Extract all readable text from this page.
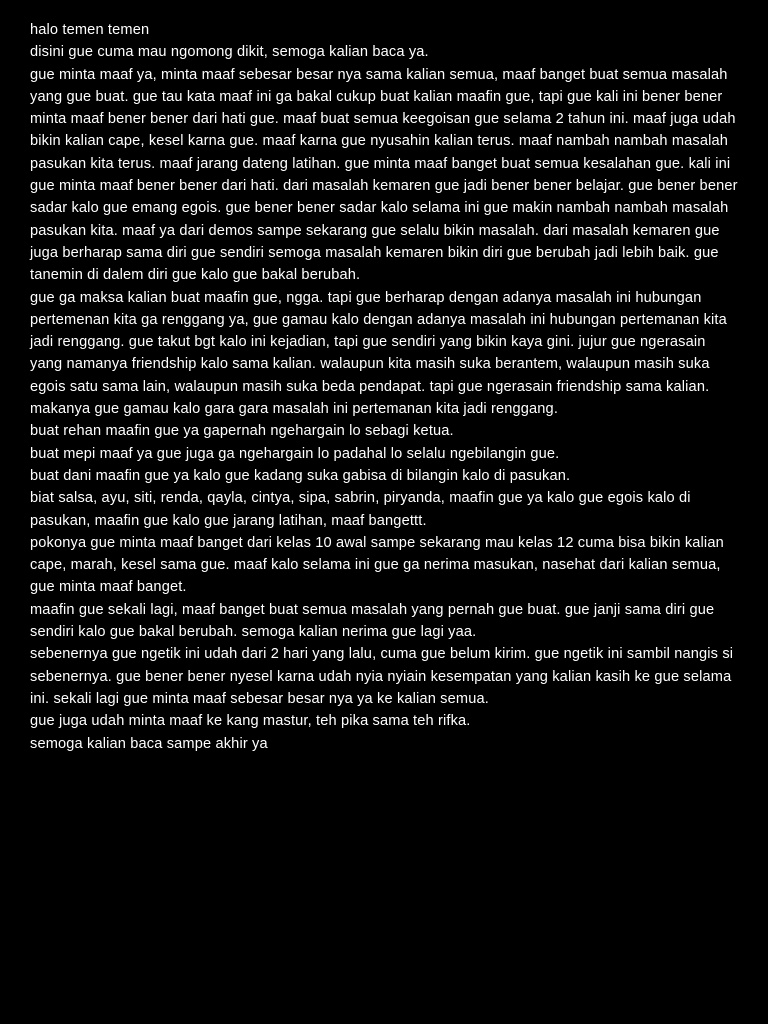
halo temen temen

disini gue cuma mau ngomong dikit, semoga kalian baca ya.

gue minta maaf ya, minta maaf sebesar besar nya sama kalian semua, maaf banget buat semua masalah yang gue buat. gue tau kata maaf ini ga bakal cukup buat kalian maafin gue, tapi gue kali ini bener bener minta maaf bener bener dari hati gue. maaf buat semua keegoisan gue selama 2 tahun ini. maaf juga udah bikin kalian cape, kesel karna gue. maaf karna gue nyusahin kalian terus. maaf nambah nambah masalah pasukan kita terus. maaf jarang dateng latihan. gue minta maaf banget buat semua kesalahan gue. kali ini gue minta maaf bener bener dari hati. dari masalah kemaren gue jadi bener bener belajar. gue bener bener sadar kalo gue emang egois. gue bener bener sadar kalo selama ini gue makin nambah nambah masalah pasukan kita. maaf ya dari demos sampe sekarang gue selalu bikin masalah. dari masalah kemaren gue juga berharap sama diri gue sendiri semoga masalah kemaren bikin diri gue berubah jadi lebih baik. gue tanemin di dalem diri gue kalo gue bakal berubah.

gue ga maksa kalian buat maafin gue, ngga. tapi gue berharap dengan adanya masalah ini hubungan pertemenan kita ga renggang ya, gue gamau kalo dengan adanya masalah ini hubungan pertemanan kita jadi renggang. gue takut bgt kalo ini kejadian, tapi gue sendiri yang bikin kaya gini. jujur gue ngerasain yang namanya friendship kalo sama kalian. walaupun kita masih suka berantem, walaupun masih suka egois satu sama lain, walaupun masih suka beda pendapat. tapi gue ngerasain friendship sama kalian.

makanya gue gamau kalo gara gara masalah ini pertemanan kita jadi renggang.

buat rehan maafin gue ya gapernah ngehargain lo sebagi ketua.

buat mepi maaf ya gue juga ga ngehargain lo padahal lo selalu ngebilangin gue.

buat dani maafin gue ya kalo gue kadang suka gabisa di bilangin kalo di pasukan.

biat salsa, ayu, siti, renda, qayla, cintya, sipa, sabrin, piryanda, maafin gue ya kalo gue egois kalo di pasukan, maafin gue kalo gue jarang latihan, maaf bangettt.

pokonya gue minta maaf banget dari kelas 10 awal sampe sekarang mau kelas 12 cuma bisa bikin kalian cape, marah, kesel sama gue. maaf kalo selama ini gue ga nerima masukan, nasehat dari kalian semua, gue minta maaf banget.

maafin gue sekali lagi, maaf banget buat semua masalah yang pernah gue buat. gue janji sama diri gue sendiri kalo gue bakal berubah. semoga kalian nerima gue lagi yaa.

sebenernya gue ngetik ini udah dari 2 hari yang lalu, cuma gue belum kirim. gue ngetik ini sambil nangis si sebenernya. gue bener bener nyesel karna udah nyia nyiain kesempatan yang kalian kasih ke gue selama ini. sekali lagi gue minta maaf sebesar besar nya ya ke kalian semua.

gue juga udah minta maaf ke kang mastur, teh pika sama teh rifka.

semoga kalian baca sampe akhir ya
